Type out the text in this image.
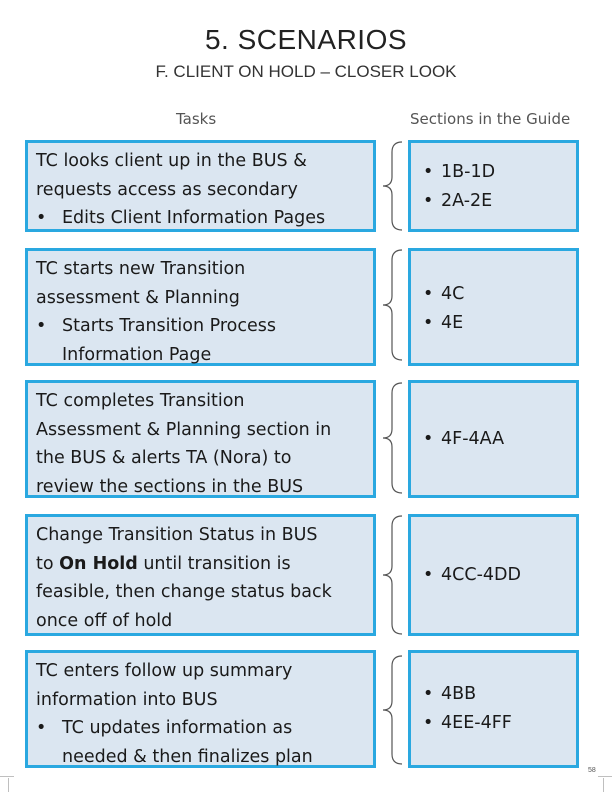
5. SCENARIOS
F. CLIENT ON HOLD – CLOSER LOOK
Tasks	Sections in the Guide
TC looks client up in the BUS &
requests access as secondary
• Edits Client Information Pages
• 1B-1D
• 2A-2E
TC starts new Transition
assessment & Planning
• Starts Transition Process
Information Page
• 4C
• 4E
TC completes Transition
Assessment & Planning section in
the BUS & alerts TA (Nora) to
review the sections in the BUS
• 4F-4AA
Change Transition Status in BUS
to On Hold until transition is
feasible, then change status back
once off of hold
• 4CC-4DD
TC enters follow up summary
information into BUS
• TC updates information as
needed & then finalizes plan
• 4BB
• 4EE-4FF
58
